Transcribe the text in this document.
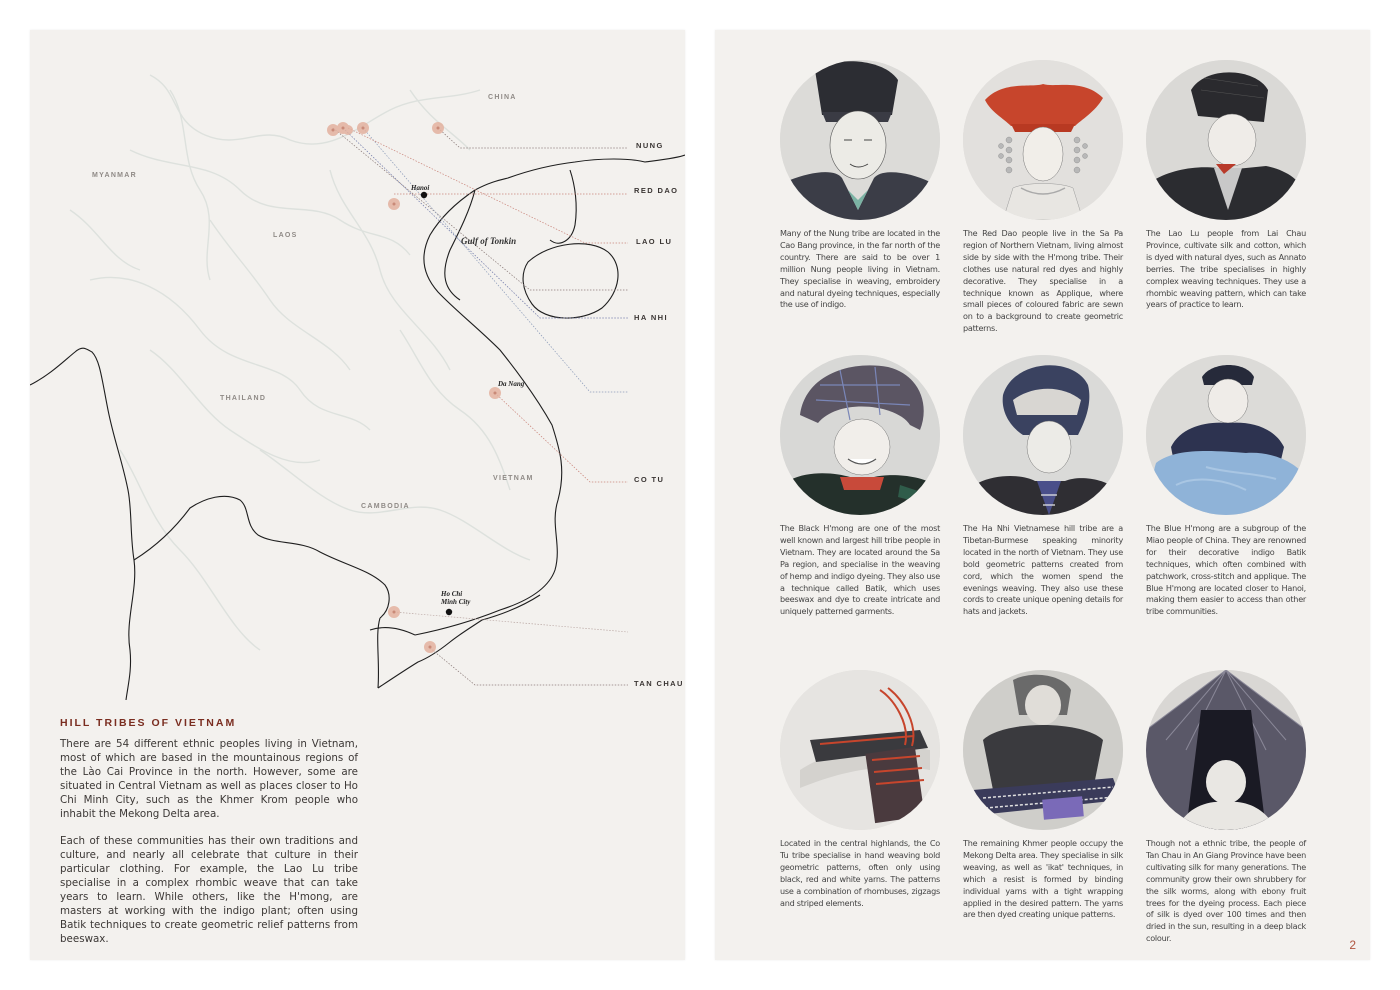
CHINA
MYANMAR
LAOS
THAILAND
CAMBODIA
VIETNAM
Hanoi
Da Nang
Ho Chi
Minh City
Gulf of Tonkin
NUNG
RED DAO
LAO LU
HA NHI
CO TU
TAN CHAU
HILL TRIBES OF VIETNAM

There are 54 different ethnic peoples living in Vietnam, most of which are based in the mountainous regions of the Lào Cai Province in the north. However, some are situated in Central Vietnam as well as places closer to Ho Chi Minh City, such as the Khmer Krom people who inhabit the Mekong Delta area.

Each of these communities has their own traditions and culture, and nearly all celebrate that culture in their particular clothing. For example, the Lao Lu tribe specialise in a complex rhombic weave that can take years to learn. While others, like the H'mong, are masters at working with the indigo plant; often using Batik techniques to create geometric relief patterns from beeswax.

Many of the Nung tribe are located in the Cao Bang province, in the far north of the country. There are said to be over 1 million Nung people living in Vietnam. They specialise in weaving, embroidery and natural dyeing techniques, especially the use of indigo.
The Red Dao people live in the Sa Pa region of Northern Vietnam, living almost side by side with the H'mong tribe. Their clothes use natural red dyes and highly decorative. They specialise in a technique known as Applique, where small pieces of coloured fabric are sewn on to a background to create geometric patterns.
The Lao Lu people from Lai Chau Province, cultivate silk and cotton, which is dyed with natural dyes, such as Annato berries. The tribe specialises in highly complex weaving techniques. They use a rhombic weaving pattern, which can take years of practice to learn.
The Black H'mong are one of the most well known and largest hill tribe people in Vietnam. They are located around the Sa Pa region, and specialise in the weaving of hemp and indigo dyeing. They also use a technique called Batik, which uses beeswax and dye to create intricate and uniquely patterned garments.
The Ha Nhi Vietnamese hill tribe are a Tibetan-Burmese speaking minority located in the north of Vietnam. They use bold geometric patterns created from cord, which the women spend the evenings weaving. They also use these cords to create unique opening details for hats and jackets.
The Blue H'mong are a subgroup of the Miao people of China. They are renowned for their decorative indigo Batik techniques, which often combined with patchwork, cross-stitch and applique. The Blue H'mong are located closer to Hanoi, making them easier to access than other tribe communities.
Located in the central highlands, the Co Tu tribe specialise in hand weaving bold geometric patterns, often only using black, red and white yarns. The patterns use a combination of rhombuses, zigzags and striped elements.
The remaining Khmer people occupy the Mekong Delta area. They specialise in silk weaving, as well as 'ikat' techniques, in which a resist is formed by binding individual yarns with a tight wrapping applied in the desired pattern. The yarns are then dyed creating unique patterns.
Though not a ethnic tribe, the people of Tan Chau in An Giang Province have been cultivating silk for many generations. The community grow their own shrubbery for the silk worms, along with ebony fruit trees for the dyeing process. Each piece of silk is dyed over 100 times and then dried in the sun, resulting in a deep black colour.	2
